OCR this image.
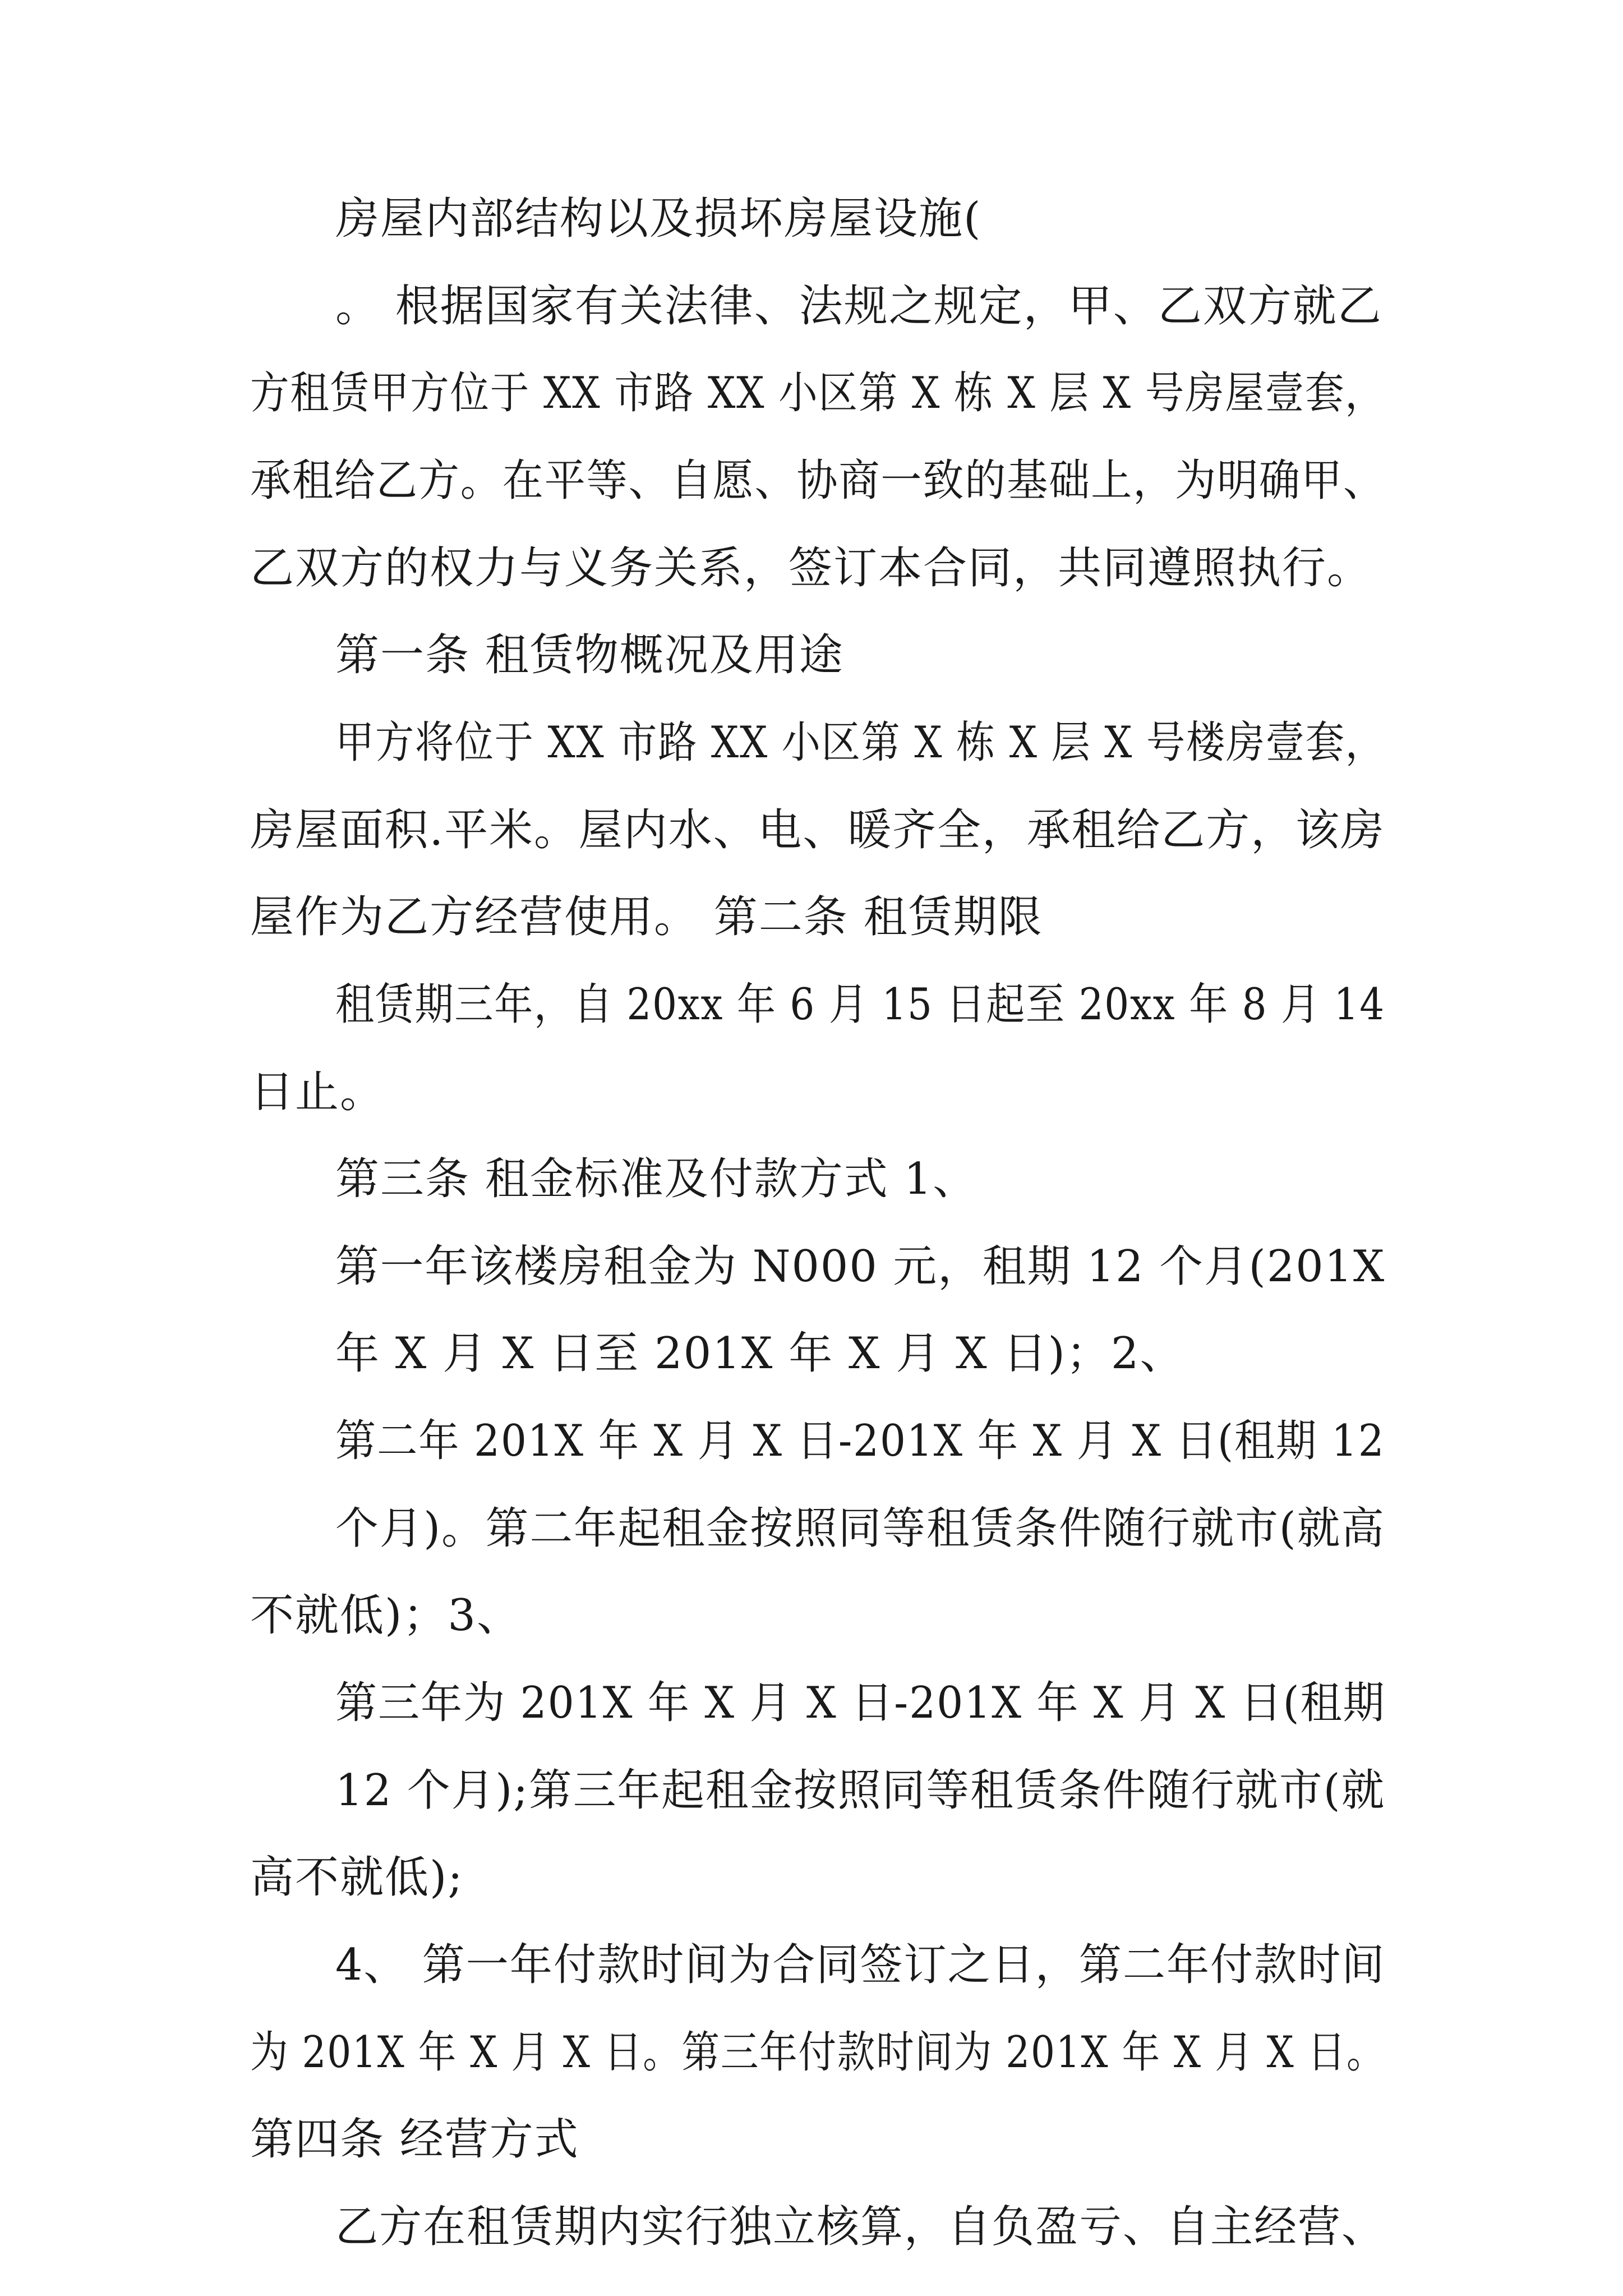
房屋内部结构以及损坏房屋设施(
。 根据国家有关法律、法规之规定，甲、乙双方就乙
方租赁甲方位于 XX 市路 XX 小区第 X 栋 X 层 X 号房屋壹套，
承租给乙方。在平等、自愿、协商一致的基础上，为明确甲、
乙双方的权力与义务关系，签订本合同，共同遵照执行。
第一条 租赁物概况及用途
甲方将位于 XX 市路 XX 小区第 X 栋 X 层 X 号楼房壹套，
房屋面积.平米。屋内水、电、暖齐全，承租给乙方，该房
屋作为乙方经营使用。 第二条 租赁期限
租赁期三年，自 20xx 年 6 月 15 日起至 20xx 年 8 月 14
日止。
第三条 租金标准及付款方式 1、
第一年该楼房租金为 N000 元，租期 12 个月(201X
年 X 月 X 日至 201X 年 X 月 X 日)；2、
第二年 201X 年 X 月 X 日-201X 年 X 月 X 日(租期 12
个月)。第二年起租金按照同等租赁条件随行就市(就高
不就低)；3、
第三年为 201X 年 X 月 X 日-201X 年 X 月 X 日(租期
12 个月);第三年起租金按照同等租赁条件随行就市(就
高不就低);
4、 第一年付款时间为合同签订之日，第二年付款时间
为 201X 年 X 月 X 日。第三年付款时间为 201X 年 X 月 X 日。
第四条 经营方式
乙方在租赁期内实行独立核算，自负盈亏、自主经营、
